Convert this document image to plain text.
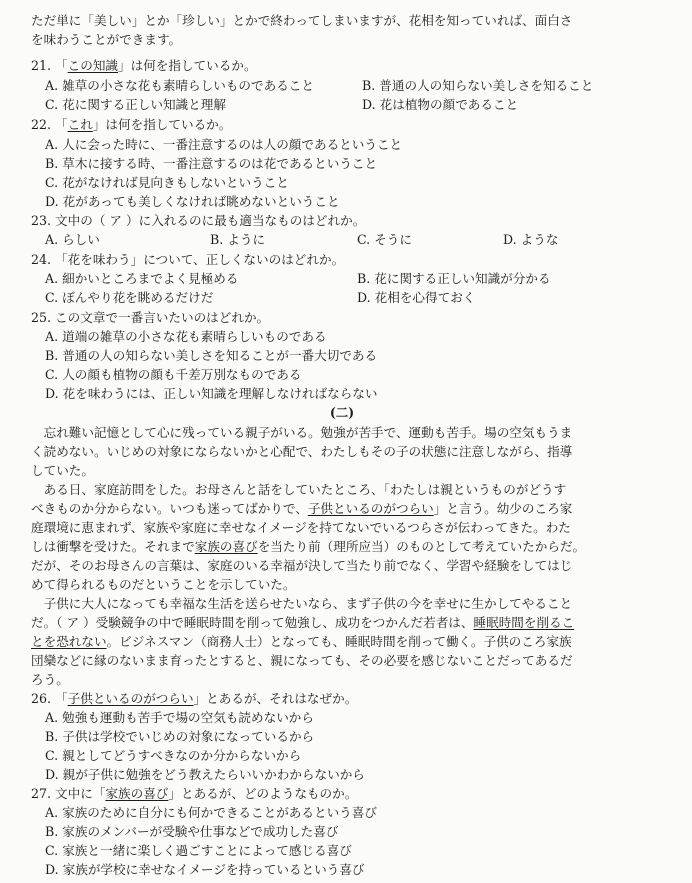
ただ単に「美しい」とか「珍しい」とかで終わってしまいますが、花相を知っていれば、面白さ
を味わうことができます。
21. 「この知識」は何を指しているか。
A. 雑草の小さな花も素晴らしいものであること	B. 普通の人の知らない美しさを知ること
C. 花に関する正しい知識と理解	D. 花は植物の顔であること
22. 「これ」は何を指しているか。
A. 人に会った時に、一番注意するのは人の顔であるということ
B. 草木に接する時、一番注意するのは花であるということ
C. 花がなければ見向きもしないということ
D. 花があっても美しくなければ眺めないということ
23. 文中の（ ア ）に入れるのに最も適当なものはどれか。
A. らしい	B. ように	C. そうに	D. ような
24. 「花を味わう」について、正しくないのはどれか。
A. 細かいところまでよく見極める	B. 花に関する正しい知識が分かる
C. ぼんやり花を眺めるだけだ	D. 花相を心得ておく
25. この文章で一番言いたいのはどれか。
A. 道端の雑草の小さな花も素晴らしいものである
B. 普通の人の知らない美しさを知ることが一番大切である
C. 人の顔も植物の顔も千差万別なものである
D. 花を味わうには、正しい知識を理解しなければならない
(二)
　忘れ難い記憶として心に残っている親子がいる。勉強が苦手で、運動も苦手。場の空気もうま
く読めない。いじめの対象にならないかと心配で、わたしもその子の状態に注意しながら、指導
していた。
　ある日、家庭訪問をした。お母さんと話をしていたところ、「わたしは親というものがどうす
べきものか分からない。いつも迷ってばかりで、子供といるのがつらい」と言う。幼少のころ家
庭環境に恵まれず、家族や家庭に幸せなイメージを持てないでいるつらさが伝わってきた。わた
しは衝撃を受けた。それまで家族の喜びを当たり前（理所应当）のものとして考えていたからだ。
だが、そのお母さんの言葉は、家庭のいる幸福が決して当たり前でなく、学習や経験をしてはじ
めて得られるものだということを示していた。
　子供に大人になっても幸福な生活を送らせたいなら、まず子供の今を幸せに生かしてやること
だ。（ ア ）受験競争の中で睡眠時間を削って勉強し、成功をつかんだ若者は、睡眠時間を削るこ
とを恐れない。ビジネスマン（商務人士）となっても、睡眠時間を削って働く。子供のころ家族
団欒などに縁のないまま育ったとすると、親になっても、その必要を感じないことだってあるだ
ろう。
26. 「子供といるのがつらい」とあるが、それはなぜか。
A. 勉強も運動も苦手で場の空気も読めないから
B. 子供は学校でいじめの対象になっているから
C. 親としてどうすべきなのか分からないから
D. 親が子供に勉強をどう教えたらいいかわからないから
27. 文中に「家族の喜び」とあるが、どのようなものか。
A. 家族のために自分にも何かできることがあるという喜び
B. 家族のメンバーが受験や仕事などで成功した喜び
C. 家族と一緒に楽しく過ごすことによって感じる喜び
D. 家族が学校に幸せなイメージを持っているという喜び
